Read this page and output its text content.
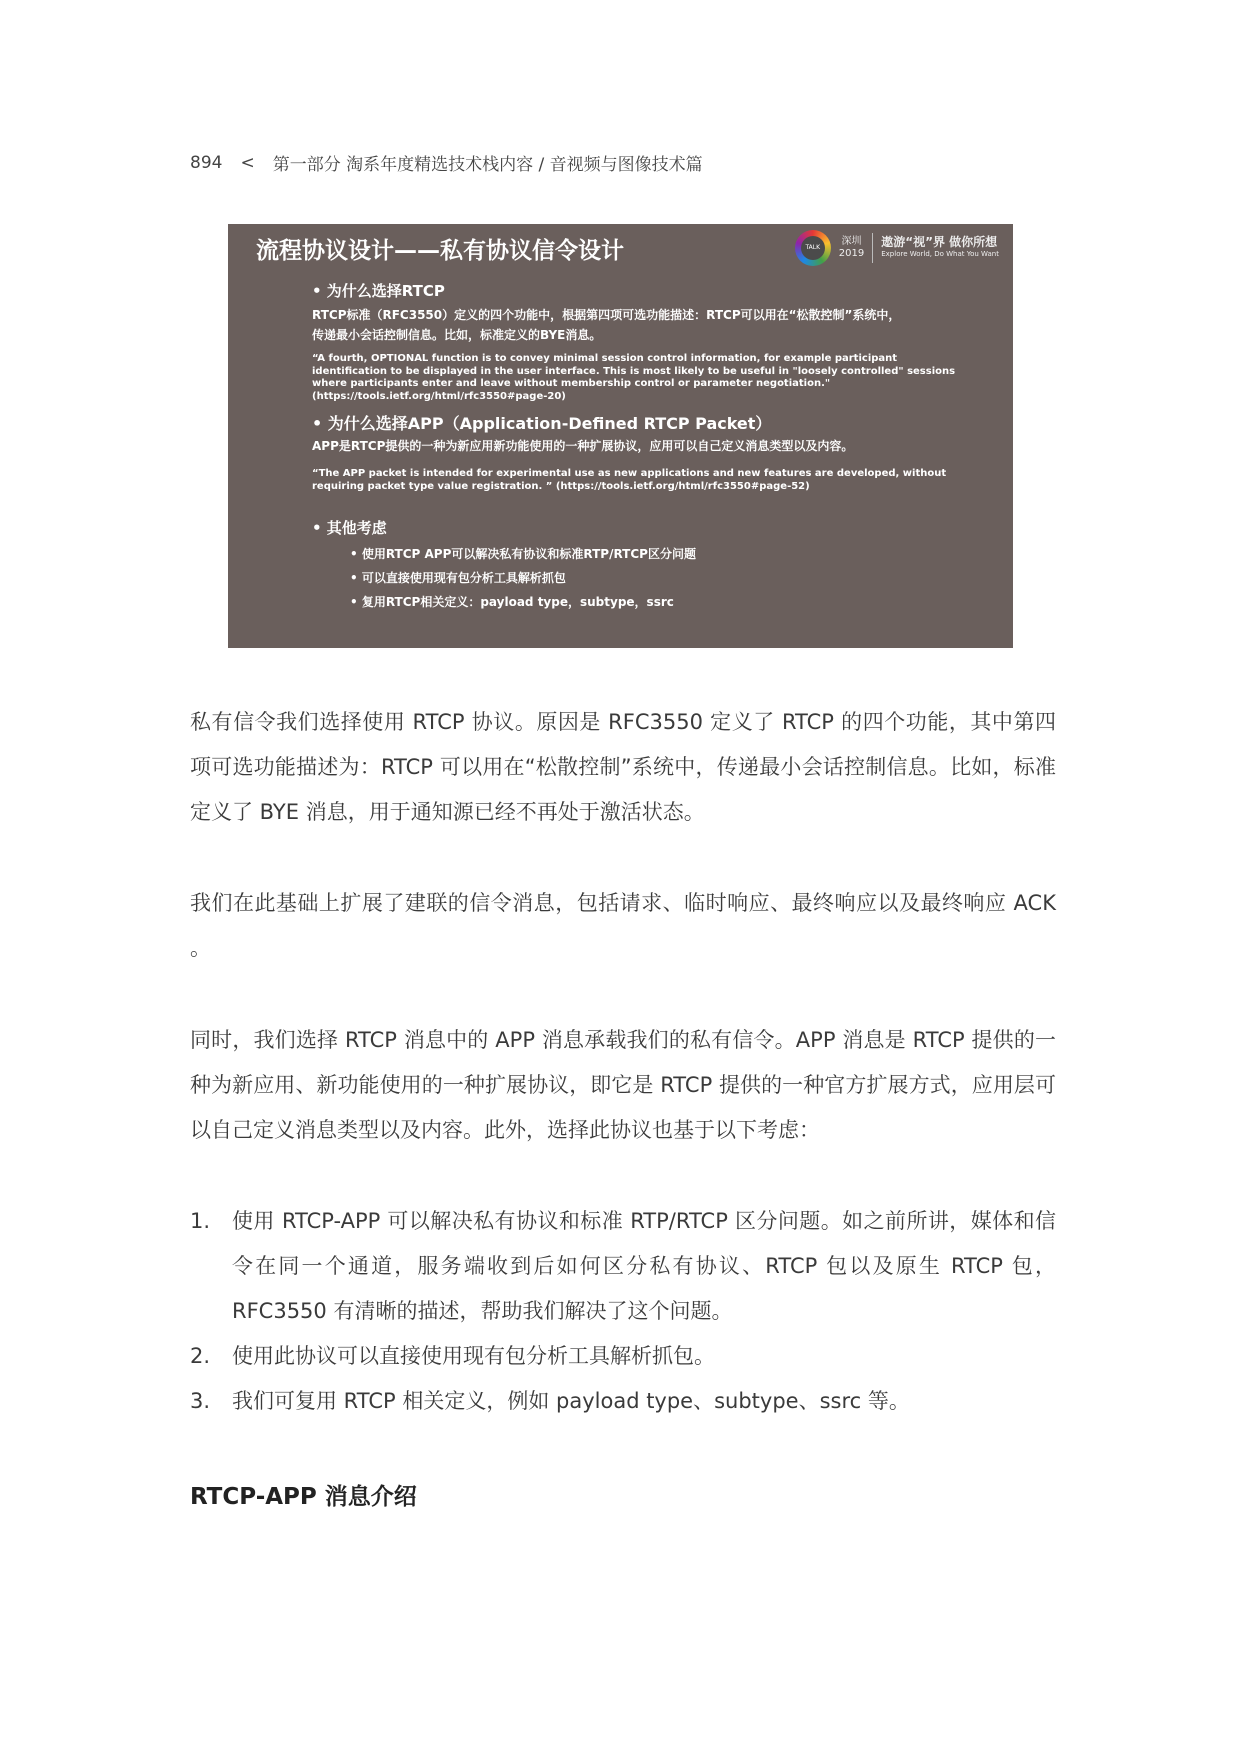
894 < 第一部分 淘系年度精选技术栈内容 / 音视频与图像技术篇
流程协议设计——私有协议信令设计	TALK
深圳
2019
遨游“视”界 做你所想
Explore World, Do What You Want

• 为什么选择RTCP

RTCP标准（RFC3550）定义的四个功能中，根据第四项可选功能描述：RTCP可以用在“松散控制”系统中，

传递最小会话控制信息。比如，标准定义的BYE消息。

“A fourth, OPTIONAL function is to convey minimal session control information, for example participant

identification to be displayed in the user interface. This is most likely to be useful in "loosely controlled" sessions

where participants enter and leave without membership control or parameter negotiation."

(https://tools.ietf.org/html/rfc3550#page-20)

• 为什么选择APP（Application-Defined RTCP Packet）

APP是RTCP提供的一种为新应用新功能使用的一种扩展协议，应用可以自己定义消息类型以及内容。

“The APP packet is intended for experimental use as new applications and new features are developed, without

requiring packet type value registration. ” (https://tools.ietf.org/html/rfc3550#page-52)

• 其他考虑

• 使用RTCP APP可以解决私有协议和标准RTP/RTCP区分问题

• 可以直接使用现有包分析工具解析抓包

• 复用RTCP相关定义：payload type，subtype，ssrc

私有信令我们选择使用 RTCP 协议。原因是 RFC3550 定义了 RTCP 的四个功能，其中第四项可选功能描述为：RTCP 可以用在“松散控制”系统中，传递最小会话控制信息。比如，标准定义了 BYE 消息，用于通知源已经不再处于激活状态。

我们在此基础上扩展了建联的信令消息，包括请求、临时响应、最终响应以及最终响应 ACK 。

同时，我们选择 RTCP 消息中的 APP 消息承载我们的私有信令。APP 消息是 RTCP 提供的一种为新应用、新功能使用的一种扩展协议，即它是 RTCP 提供的一种官方扩展方式，应用层可以自己定义消息类型以及内容。此外，选择此协议也基于以下考虑：

1. 使用 RTCP-APP 可以解决私有协议和标准 RTP/RTCP 区分问题。如之前所讲，媒体和信令在同一个通道，服务端收到后如何区分私有协议、RTCP 包以及原生 RTCP 包，RFC3550 有清晰的描述，帮助我们解决了这个问题。
2. 使用此协议可以直接使用现有包分析工具解析抓包。
3. 我们可复用 RTCP 相关定义，例如 payload type、subtype、ssrc 等。
RTCP-APP 消息介绍
